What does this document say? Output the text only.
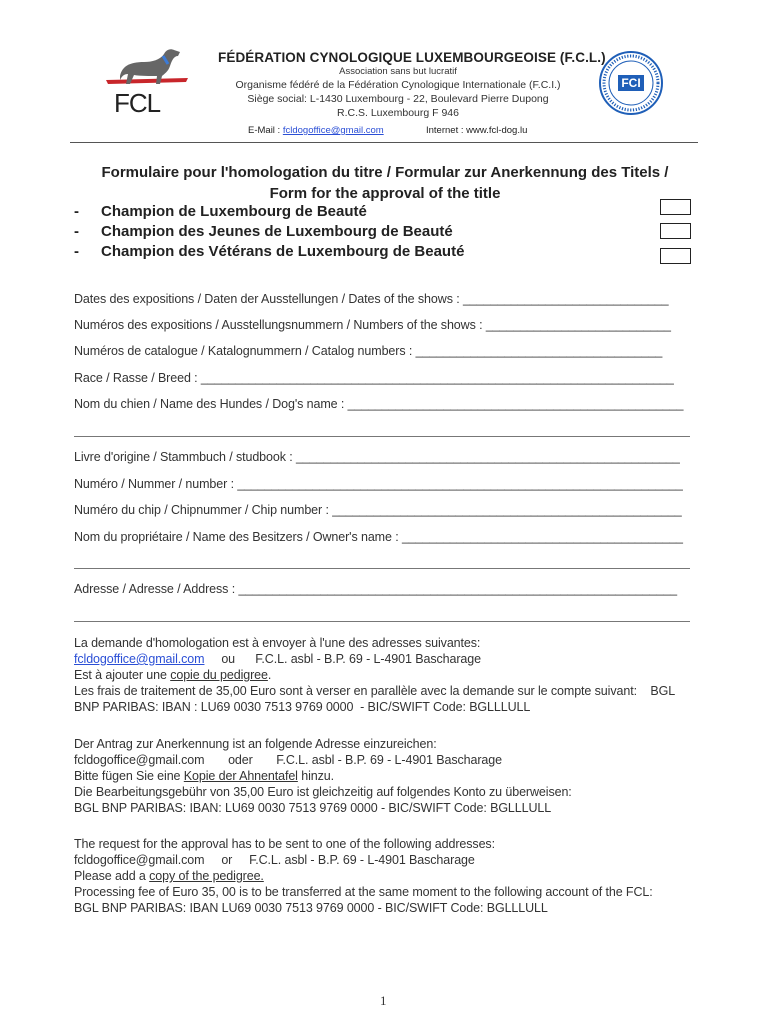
FCL
FÉDÉRATION CYNOLOGIQUE LUXEMBOURGEOISE (F.C.L.)
Association sans but lucratif
Organisme fédéré de la Fédération Cynologique Internationale (F.C.I.)
Siège social: L-1430 Luxembourg - 22, Boulevard Pierre Dupong
R.C.S. Luxembourg F 946
E-Mail : fcldogoffice@gmail.com	Internet : www.fcl-dog.lu
FCI
Formulaire pour l'homologation du titre / Formular zur Anerkennung des Titels /
Form for the approval of the title
- Champion de Luxembourg de Beauté
- Champion des Jeunes de Luxembourg de Beauté
- Champion des Vétérans de Luxembourg de Beauté
Dates des expositions / Daten der Ausstellungen / Dates of the shows : ______________________________
Numéros des expositions / Ausstellungsnummern / Numbers of the shows : ___________________________
Numéros de catalogue / Katalognummern / Catalog numbers : ____________________________________
Race / Rasse / Breed : _____________________________________________________________________
Nom du chien / Name des Hundes / Dog's name : _________________________________________________
Livre d'origine / Stammbuch / studbook : ________________________________________________________
Numéro / Nummer / number : _________________________________________________________________
Numéro du chip / Chipnummer / Chip number : ___________________________________________________
Nom du propriétaire / Name des Besitzers / Owner's name : _________________________________________
Adresse / Adresse / Address : ________________________________________________________________
La demande d'homologation est à envoyer à l'une des adresses suivantes:
fcldogoffice@gmail.com     ou      F.C.L. asbl - B.P. 69 - L-4901 Bascharage
Est à ajouter une copie du pedigree.
Les frais de traitement de 35,00 Euro sont à verser en parallèle avec la demande sur le compte suivant:    BGL
BNP PARIBAS: IBAN : LU69 0030 7513 9769 0000  - BIC/SWIFT Code: BGLLLULL
Der Antrag zur Anerkennung ist an folgende Adresse einzureichen:
fcldogoffice@gmail.com       oder       F.C.L. asbl - B.P. 69 - L-4901 Bascharage
Bitte fügen Sie eine Kopie der Ahnentafel hinzu.
Die Bearbeitungsgebühr von 35,00 Euro ist gleichzeitig auf folgendes Konto zu überweisen:
BGL BNP PARIBAS: IBAN: LU69 0030 7513 9769 0000 - BIC/SWIFT Code: BGLLLULL
The request for the approval has to be sent to one of the following addresses:
fcldogoffice@gmail.com     or     F.C.L. asbl - B.P. 69 - L-4901 Bascharage
Please add a copy of the pedigree.
Processing fee of Euro 35, 00 is to be transferred at the same moment to the following account of the FCL:
BGL BNP PARIBAS: IBAN LU69 0030 7513 9769 0000 - BIC/SWIFT Code: BGLLLULL
1
